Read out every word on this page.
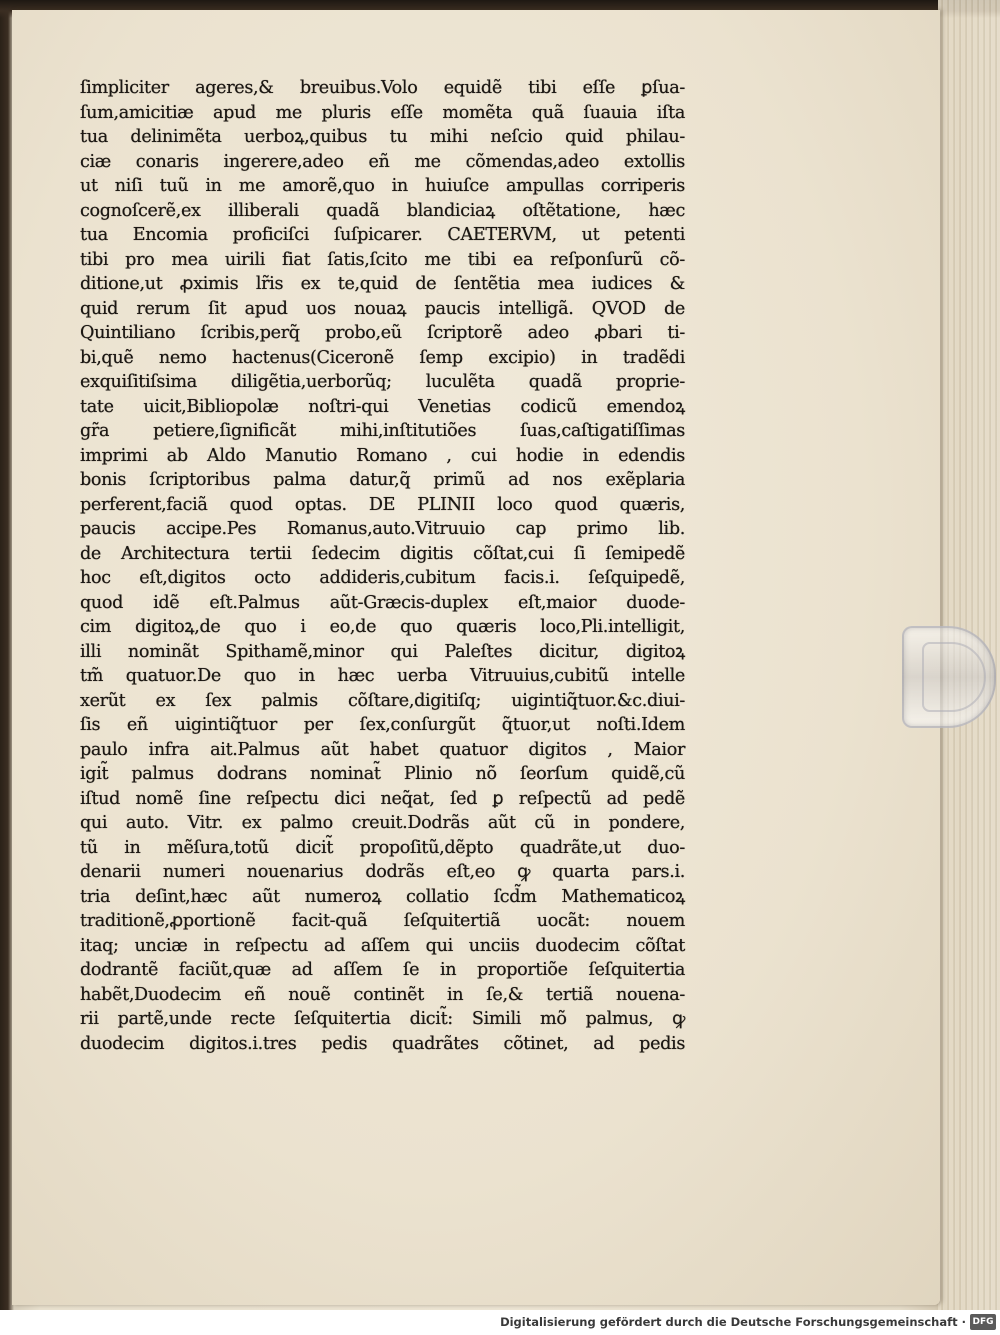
ſimpliciter ageres,& breuibus.Volo equidẽ tibi eſſe ꝑſua-
ſum,amicitiæ apud me pluris eſſe momẽta quã ſuauia iſta
tua delinimẽta uerboꝝ,quibus tu mihi neſcio quid philau-
ciæ conaris ingerere,adeo eñ me cõmendas,adeo extollis
ut niſi tuũ in me amorẽ,quo in huiuſce ampullas corriperis
cognoſcerẽ,ex illiberali quadã blandiciaꝝ oſtẽtatione, hæc
tua Encomia proficiſci ſuſpicarer. CAETERVM, ut petenti
tibi pro mea uirili fiat ſatis,ſcito me tibi ea reſponſurũ cõ-
ditione,ut ꝓximis lr̃is ex te,quid de ſentẽtia mea iudices &
quid rerum ſit apud uos nouaꝝ paucis intelligã. QVOD de
Quintiliano ſcribis,perq̃ probo,eũ ſcriptorẽ adeo ꝓbari ti-
bi,quẽ nemo hactenus(Ciceronẽ ſemp excipio) in tradẽdi
exquiſitiſsima diligẽtia,uerborũq; luculẽta quadã proprie-
tate uicit,Bibliopolæ noſtri-qui Venetias codicũ emendoꝝ
gr̃a petiere,ſignificãt mihi,inſtitutiões ſuas,caſtigatiſſimas
imprimi ab Aldo Manutio Romano , cui hodie in edendis
bonis ſcriptoribus palma datur,q̃ primũ ad nos exẽplaria
perferent,faciã quod optas. DE PLINII loco quod quæris,
paucis accipe.Pes Romanus,auto.Vitruuio cap primo lib.
de Architectura tertii ſedecim digitis cõſtat,cui ſi ſemipedẽ
hoc eſt,digitos octo addideris,cubitum facis.i. ſeſquipedẽ,
quod idẽ eſt.Palmus aũt-Græcis-duplex eſt,maior duode-
cim digitoꝝ,de quo i eo,de quo quæris loco,Pli.intelligit,
illi nominãt Spithamẽ,minor qui Paleſtes dicitur, digitoꝝ
tm̃ quatuor.De quo in hæc uerba Vitruuius,cubitũ intelle
xerũt ex ſex palmis cõſtare,digitiſq; uigintiq̃tuor.&c.diui-
ſis eñ uigintiq̃tuor per ſex,conſurgũt q̃tuor,ut noſti.Idem
paulo infra ait.Palmus aũt habet quatuor digitos , Maior
igit̃ palmus dodrans nominat̃ Plinio nõ ſeorſum quidẽ,cũ
iſtud nomẽ ſine reſpectu dici neq̃at, ſed ꝑ reſpectũ ad pedẽ
qui auto. Vitr. ex palmo creuit.Dodrãs aũt cũ in pondere,
tũ in mẽſura,totũ dicit̃ propoſitũ,dẽpto quadrãte,ut duo-
denarii numeri nouenarius dodrãs eſt,eo ꝙ quarta pars.i.
tria deſint,hæc aũt numeroꝝ collatio ſcd̃m Mathematicoꝝ
traditionẽ,ꝓportionẽ facit-quã ſeſquitertiã uocãt: nouem
itaq; unciæ in reſpectu ad aſſem qui unciis duodecim cõſtat
dodrantẽ faciũt,quæ ad aſſem ſe in proportiõe ſeſquitertia
habẽt,Duodecim eñ nouẽ continẽt in ſe,& tertiã nouena-
rii partẽ,unde recte ſeſquitertia dicit̃: Simili mõ palmus, ꝙ
duodecim digitos.i.tres pedis quadrãtes cõtinet, ad pedis
Digitalisierung gefördert durch die Deutsche Forschungsgemeinschaft · DFG
